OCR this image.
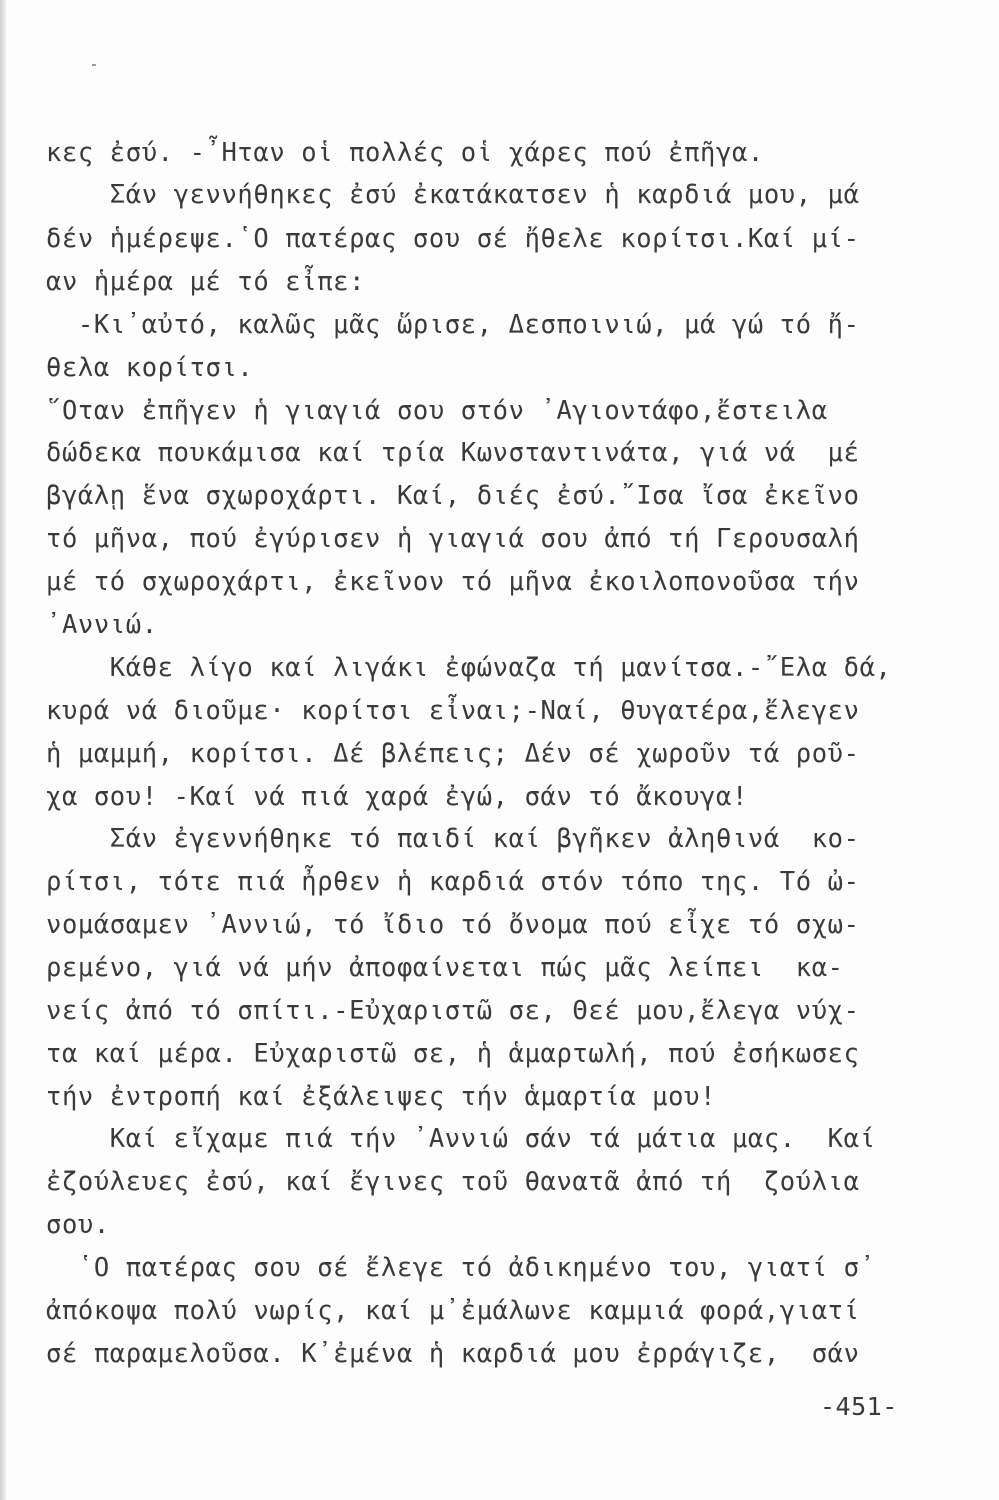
κες ἐσύ. -῏Ηταν οἱ πολλές οἱ χάρες πού ἐπῆγα.
Σάν γεννήθηκες ἐσύ ἐκατάκατσεν ἡ καρδιά μου, μά
δέν ἡμέρεψε.῾Ο πατέρας σου σέ ἤθελε κορίτσι.Καί μί-
αν ἡμέρα μέ τό εἶπε:
-Κι᾽αὐτό, καλῶς μᾶς ὥρισε, Δεσποινιώ, μά γώ τό ἤ-
θελα κορίτσι.
῞Οταν ἐπῆγεν ἡ γιαγιά σου στόν ᾽Αγιοντάφο,ἔστειλα
δώδεκα πουκάμισα καί τρία Κωνσταντινάτα, γιά νά  μέ
βγάλῃ ἕνα σχωροχάρτι. Καί, διές ἐσύ.῎Ισα ἴσα ἐκεῖνο
τό μῆνα, πού ἐγύρισεν ἡ γιαγιά σου ἀπό τή Γερουσαλή
μέ τό σχωροχάρτι, ἐκεῖνον τό μῆνα ἐκοιλοπονοῦσα τήν
᾽Αννιώ.
Κάθε λίγο καί λιγάκι ἐφώναζα τή μανίτσα.-῎Ελα δά,
κυρά νά διοῦμε· κορίτσι εἶναι;-Ναί, θυγατέρα,ἔλεγεν
ἡ μαμμή, κορίτσι. Δέ βλέπεις; Δέν σέ χωροῦν τά ροῦ-
χα σου! -Καί νά πιά χαρά ἐγώ, σάν τό ἄκουγα!
Σάν ἐγεννήθηκε τό παιδί καί βγῆκεν ἀληθινά  κο-
ρίτσι, τότε πιά ἦρθεν ἡ καρδιά στόν τόπο της. Τό ὠ-
νομάσαμεν ᾽Αννιώ, τό ἴδιο τό ὄνομα πού εἶχε τό σχω-
ρεμένο, γιά νά μήν ἀποφαίνεται πώς μᾶς λείπει  κα-
νείς ἀπό τό σπίτι.-Εὐχαριστῶ σε, Θεέ μου,ἔλεγα νύχ-
τα καί μέρα. Εὐχαριστῶ σε, ἡ ἁμαρτωλή, πού ἐσήκωσες
τήν ἐντροπή καί ἐξάλειψες τήν ἁμαρτία μου!
Καί εἴχαμε πιά τήν ᾽Αννιώ σάν τά μάτια μας.  Καί
ἐζούλευες ἐσύ, καί ἔγινες τοῦ θανατᾶ ἀπό τή  ζούλια
σου.
῾Ο πατέρας σου σέ ἔλεγε τό ἀδικημένο του, γιατί σ᾽
ἀπόκοψα πολύ νωρίς, καί μ᾽ἐμάλωνε καμμιά φορά,γιατί
σέ παραμελοῦσα. Κ᾽ἐμένα ἡ καρδιά μου ἐρράγιζε,  σάν
-451-
